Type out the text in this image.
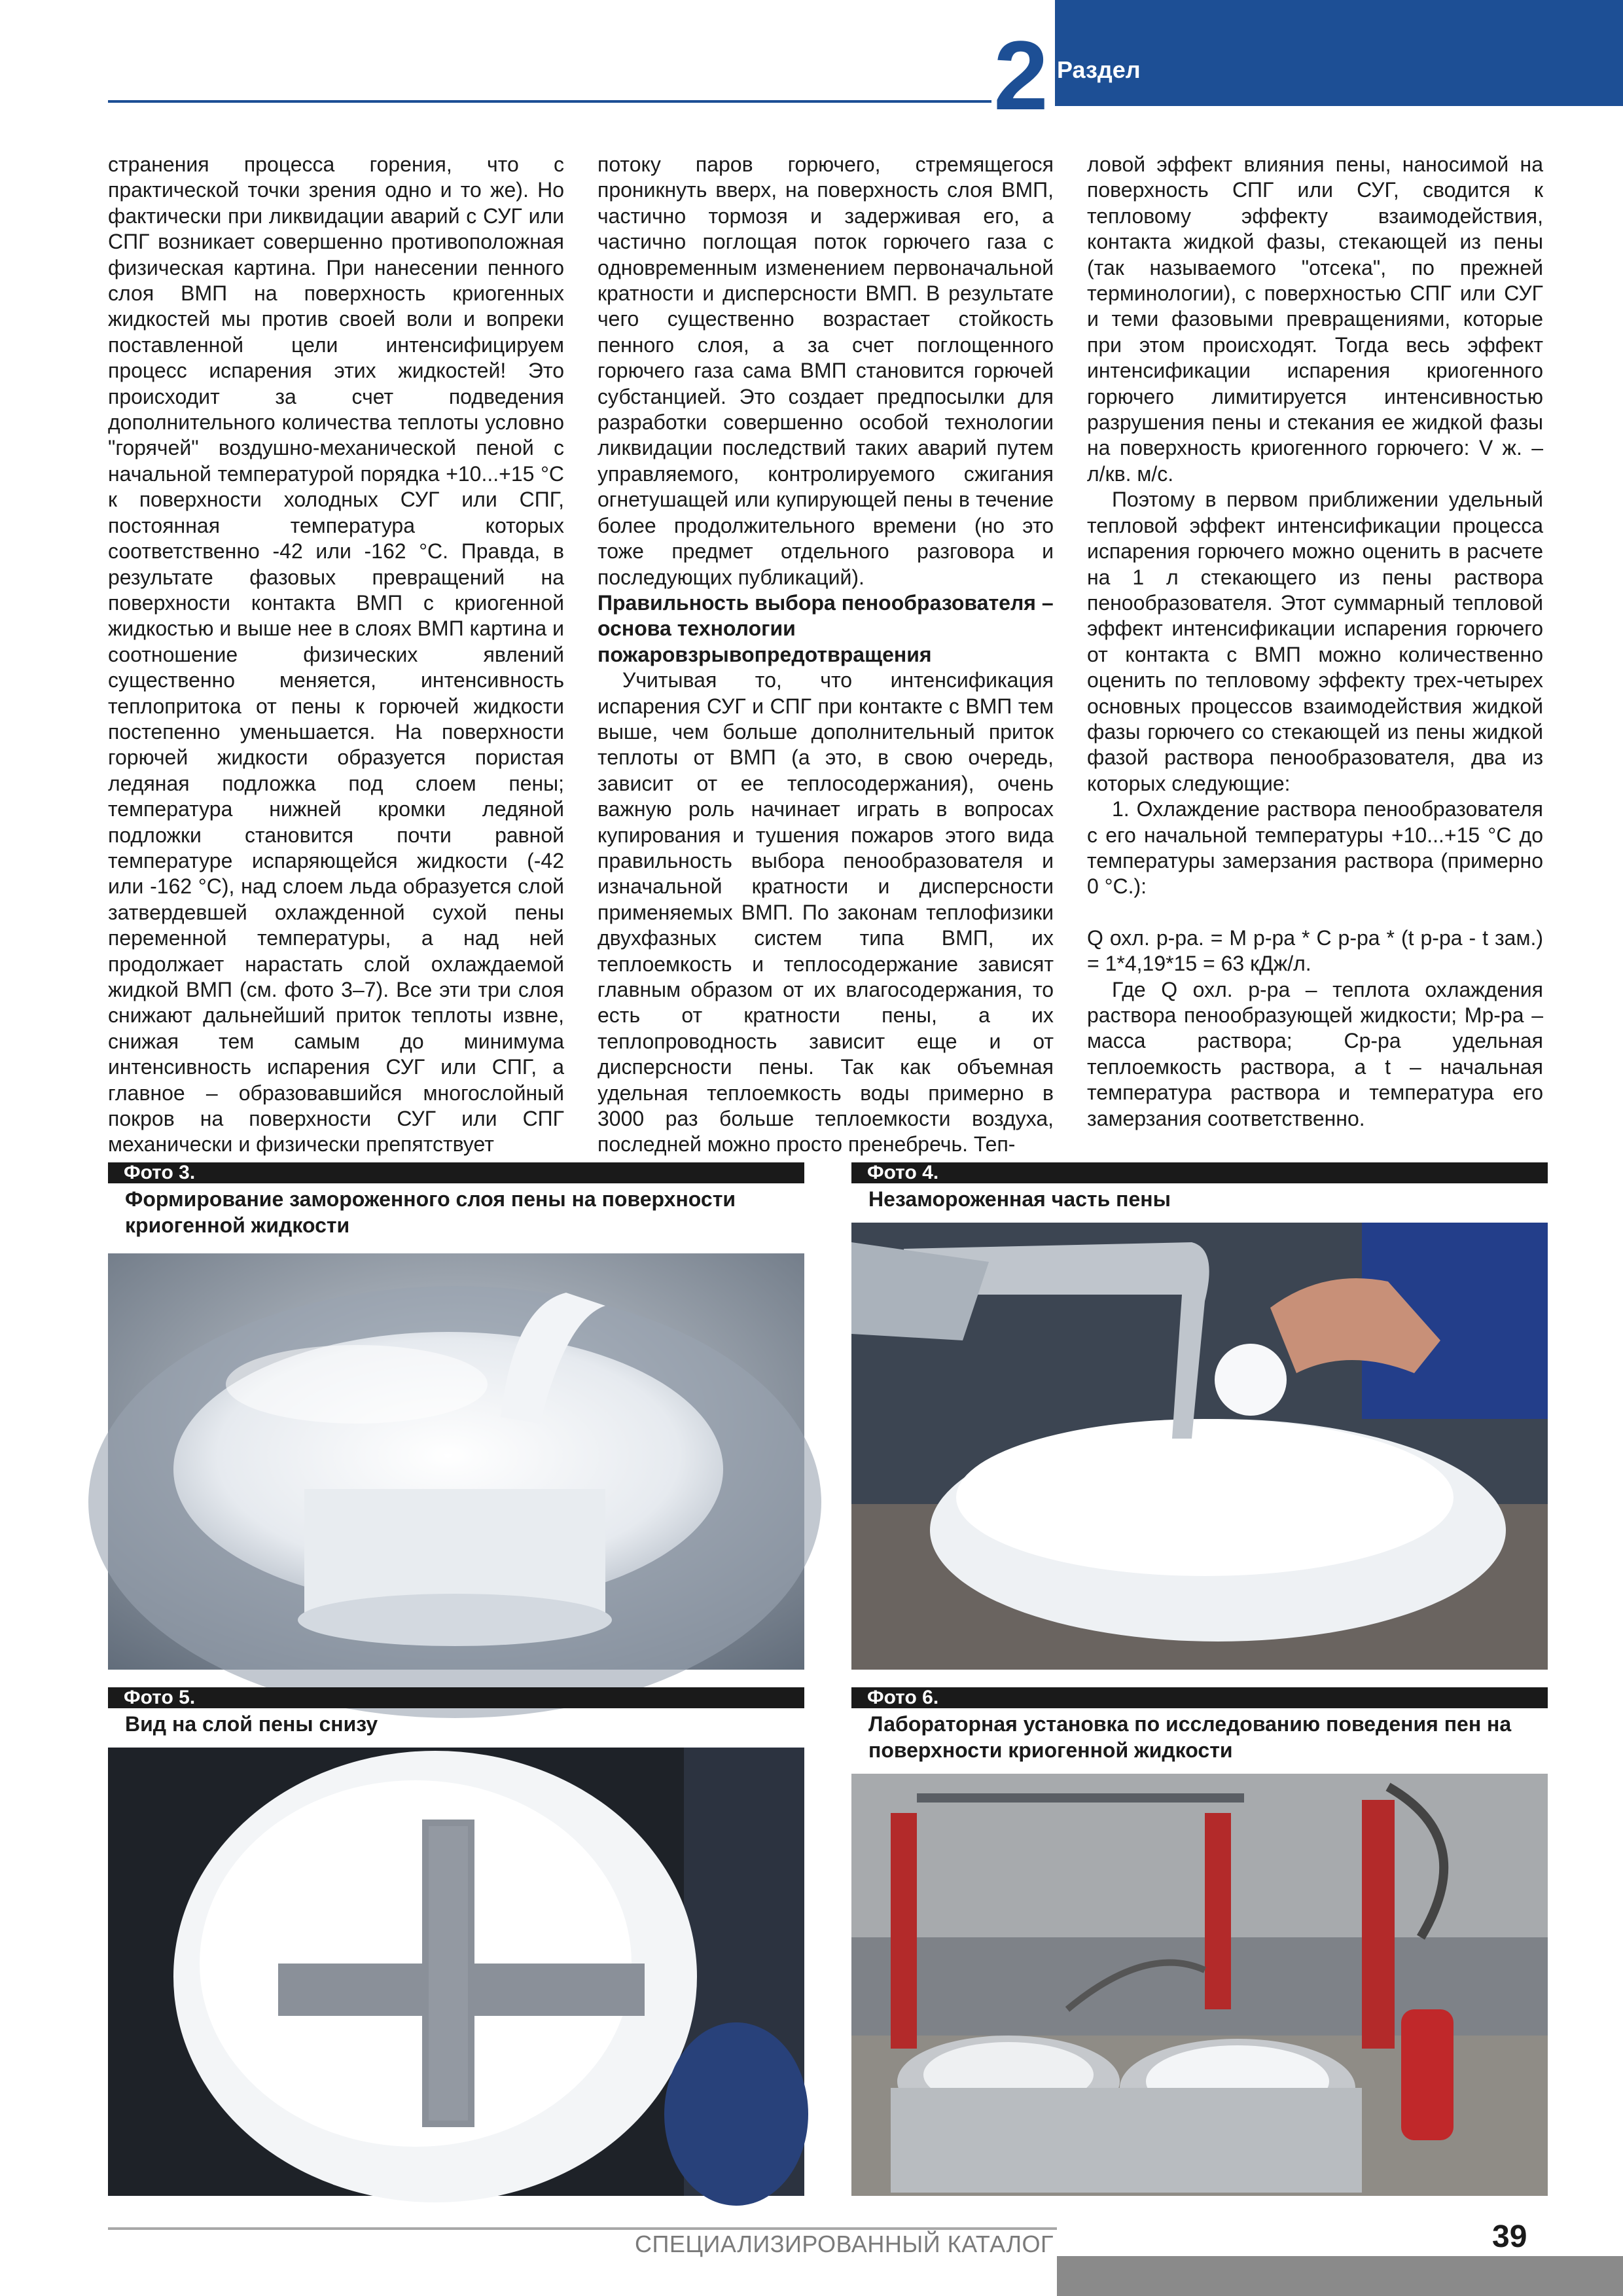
2 Раздел

странения процесса горения, что с практической точки зрения одно и то же). Но фактически при ликвидации аварий с СУГ или СПГ возникает совершенно противоположная физическая картина. При нанесении пенного слоя ВМП на поверхность криогенных жидкостей мы против своей воли и вопреки поставленной цели интенсифицируем процесс испарения этих жидкостей! Это происходит за счет подведения дополнительного количества теплоты условно "горячей" воздушно-механической пеной с начальной температурой порядка +10...+15 °С к поверхности холодных СУГ или СПГ, постоянная температура которых соответственно -42 или -162 °С. Правда, в результате фазовых превращений на поверхности контакта ВМП с криогенной жидкостью и выше нее в слоях ВМП картина и соотношение физических явлений существенно меняется, интенсивность теплопритока от пены к горючей жидкости постепенно уменьшается. На поверхности горючей жидкости образуется пористая ледяная подложка под слоем пены; температура нижней кромки ледяной подложки становится почти равной температуре испаряющейся жидкости (-42 или -162 °С), над слоем льда образуется слой затвердевшей охлажденной сухой пены переменной температуры, а над ней продолжает нарастать слой охлаждаемой жидкой ВМП (см. фото 3–7). Все эти три слоя снижают дальнейший приток теплоты извне, снижая тем самым до минимума интенсивность испарения СУГ или СПГ, а главное – образовавшийся многослойный покров на поверхности СУГ или СПГ механически и физически препятствует

потоку паров горючего, стремящегося проникнуть вверх, на поверхность слоя ВМП, частично тормозя и задерживая его, а частично поглощая поток горючего газа с одновременным изменением первоначальной кратности и дисперсности ВМП. В результате чего существенно возрастает стойкость пенного слоя, а за счет поглощенного горючего газа сама ВМП становится горючей субстанцией. Это создает предпосылки для разработки совершенно особой технологии ликвидации последствий таких аварий путем управляемого, контролируемого сжигания огнетушащей или купирующей пены в течение более продолжительного времени (но это тоже предмет отдельного разговора и последующих публикаций).

Правильность выбора пенообразователя – основа технологии пожаровзрывопредотвращения

Учитывая то, что интенсификация испарения СУГ и СПГ при контакте с ВМП тем выше, чем больше дополнительный приток теплоты от ВМП (а это, в свою очередь, зависит от ее теплосодержания), очень важную роль начинает играть в вопросах купирования и тушения пожаров этого вида правильность выбора пенообразователя и изначальной кратности и дисперсности применяемых ВМП. По законам теплофизики двухфазных систем типа ВМП, их теплоемкость и теплосодержание зависят главным образом от их влагосодержания, то есть от кратности пены, а их теплопроводность зависит еще и от дисперсности пены. Так как объемная удельная теплоемкость воды примерно в 3000 раз больше теплоемкости воздуха, последней можно просто пренебречь. Теп-

ловой эффект влияния пены, наносимой на поверхность СПГ или СУГ, сводится к тепловому эффекту взаимодействия, контакта жидкой фазы, стекающей из пены (так называемого "отсека", по прежней терминологии), с поверхностью СПГ или СУГ и теми фазовыми превращениями, которые при этом происходят. Тогда весь эффект интенсификации испарения криогенного горючего лимитируется интенсивностью разрушения пены и стекания ее жидкой фазы на поверхность криогенного горючего: V ж. – л/кв. м/с.

Поэтому в первом приближении удельный тепловой эффект интенсификации процесса испарения горючего можно оценить в расчете на 1 л стекающего из пены раствора пенообразователя. Этот суммарный тепловой эффект интенсификации испарения горючего от контакта с ВМП можно количественно оценить по тепловому эффекту трех-четырех основных процессов взаимодействия жидкой фазы горючего со стекающей из пены жидкой фазой раствора пенообразователя, два из которых следующие:

1. Охлаждение раствора пенообразователя с его начальной температуры +10...+15 °С до температуры замерзания раствора (примерно 0 °С.):

Q охл. р-ра. = М р-ра * С р-ра * (t р-ра - t зам.) = 1*4,19*15 = 63 кДж/л.

Где Q охл. р-ра – теплота охлаждения раствора пенообразующей жидкости; Мр-ра – масса раствора; Ср-ра удельная теплоемкость раствора, а t – начальная температура раствора и температура его замерзания соответственно.

Фото 3.
Формирование замороженного слоя пены на поверхности криогенной жидкости
Фото 4.
Незамороженная часть пены
Фото 5.
Вид на слой пены снизу
Фото 6.
Лабораторная установка по исследованию поведения пен на поверхности криогенной жидкости
СПЕЦИАЛИЗИРОВАННЫЙ КАТАЛОГ	39
